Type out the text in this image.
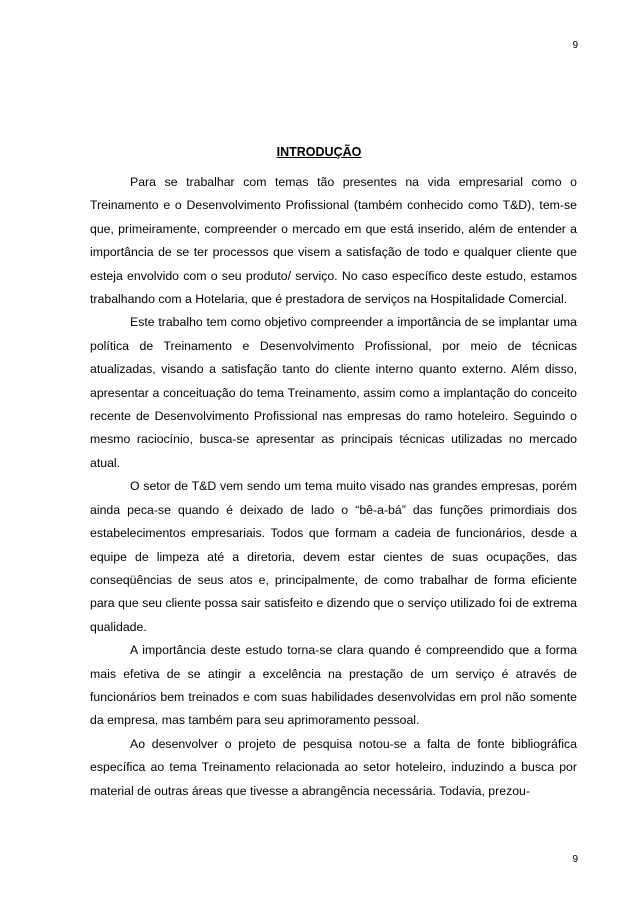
9
INTRODUÇÃO

Para se trabalhar com temas tão presentes na vida empresarial como o Treinamento e o Desenvolvimento Profissional (também conhecido como T&D), tem-se que, primeiramente, compreender o mercado em que está inserido, além de entender a importância de se ter processos que visem a satisfação de todo e qualquer cliente que esteja envolvido com o seu produto/ serviço. No caso específico deste estudo, estamos trabalhando com a Hotelaria, que é prestadora de serviços na Hospitalidade Comercial.

Este trabalho tem como objetivo compreender a importância de se implantar uma política de Treinamento e Desenvolvimento Profissional, por meio de técnicas atualizadas, visando a satisfação tanto do cliente interno quanto externo. Além disso, apresentar a conceituação do tema Treinamento, assim como a implantação do conceito recente de Desenvolvimento Profissional nas empresas do ramo hoteleiro. Seguindo o mesmo raciocínio, busca-se apresentar as principais técnicas utilizadas no mercado atual.

O setor de T&D vem sendo um tema muito visado nas grandes empresas, porém ainda peca-se quando é deixado de lado o “bê-a-bá” das funções primordiais dos estabelecimentos empresariais. Todos que formam a cadeia de funcionários, desde a equipe de limpeza até a diretoria, devem estar cientes de suas ocupações, das conseqüências de seus atos e, principalmente, de como trabalhar de forma eficiente para que seu cliente possa sair satisfeito e dizendo que o serviço utilizado foi de extrema qualidade.

A importância deste estudo torna-se clara quando é compreendido que a forma mais efetiva de se atingir a excelência na prestação de um serviço é através de funcionários bem treinados e com suas habilidades desenvolvidas em prol não somente da empresa, mas também para seu aprimoramento pessoal.

Ao desenvolver o projeto de pesquisa notou-se a falta de fonte bibliográfica específica ao tema Treinamento relacionada ao setor hoteleiro, induzindo a busca por material de outras áreas que tivesse a abrangência necessária. Todavia, prezou-

9
